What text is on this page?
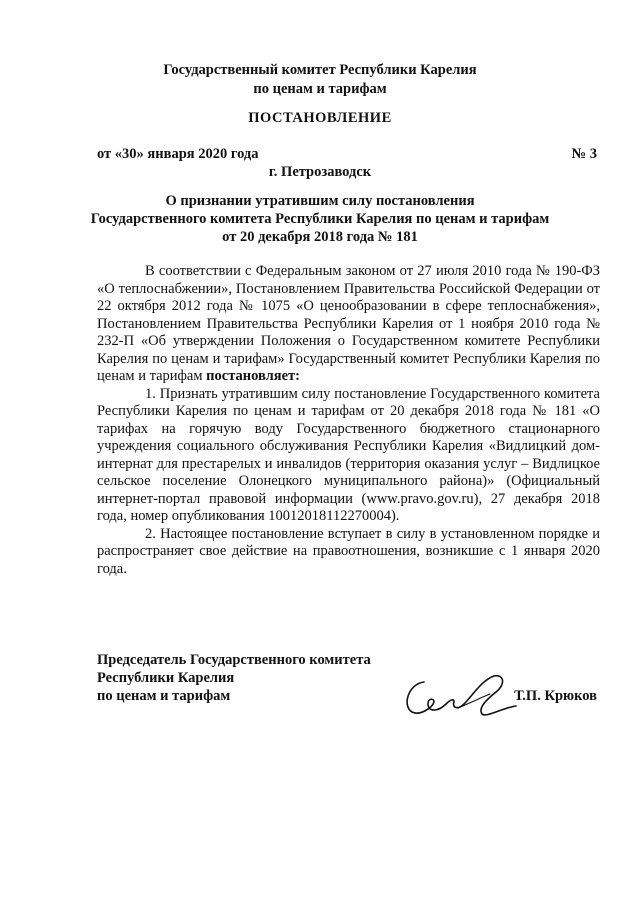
Государственный комитет Республики Карелия
по ценам и тарифам
ПОСТАНОВЛЕНИЕ
от «30» января 2020 года	№ 3
г. Петрозаводск
О признании утратившим силу постановления
Государственного комитета Республики Карелия по ценам и тарифам
от 20 декабря 2018 года № 181

В соответствии с Федеральным законом от 27 июля 2010 года № 190-ФЗ «О теплоснабжении», Постановлением Правительства Российской Федерации от 22 октября 2012 года № 1075 «О ценообразовании в сфере теплоснабжения», Постановлением Правительства Республики Карелия от 1 ноября 2010 года № 232-П «Об утверждении Положения о Государственном комитете Республики Карелия по ценам и тарифам» Государственный комитет Республики Карелия по ценам и тарифам постановляет:

1. Признать утратившим силу постановление Государственного комитета Республики Карелия по ценам и тарифам от 20 декабря 2018 года № 181 «О тарифах на горячую воду Государственного бюджетного стационарного учреждения социального обслуживания Республики Карелия «Видлицкий дом-интернат для престарелых и инвалидов (территория оказания услуг – Видлицкое сельское поселение Олонецкого муниципального района)» (Официальный интернет-портал правовой информации (www.pravo.gov.ru), 27 декабря 2018 года, номер опубликования 10012018112270004).

2. Настоящее постановление вступает в силу в установленном порядке и распространяет свое действие на правоотношения, возникшие с 1 января 2020 года.

Председатель Государственного комитета
Республики Карелия
по ценам и тарифам	Т.П. Крюков
